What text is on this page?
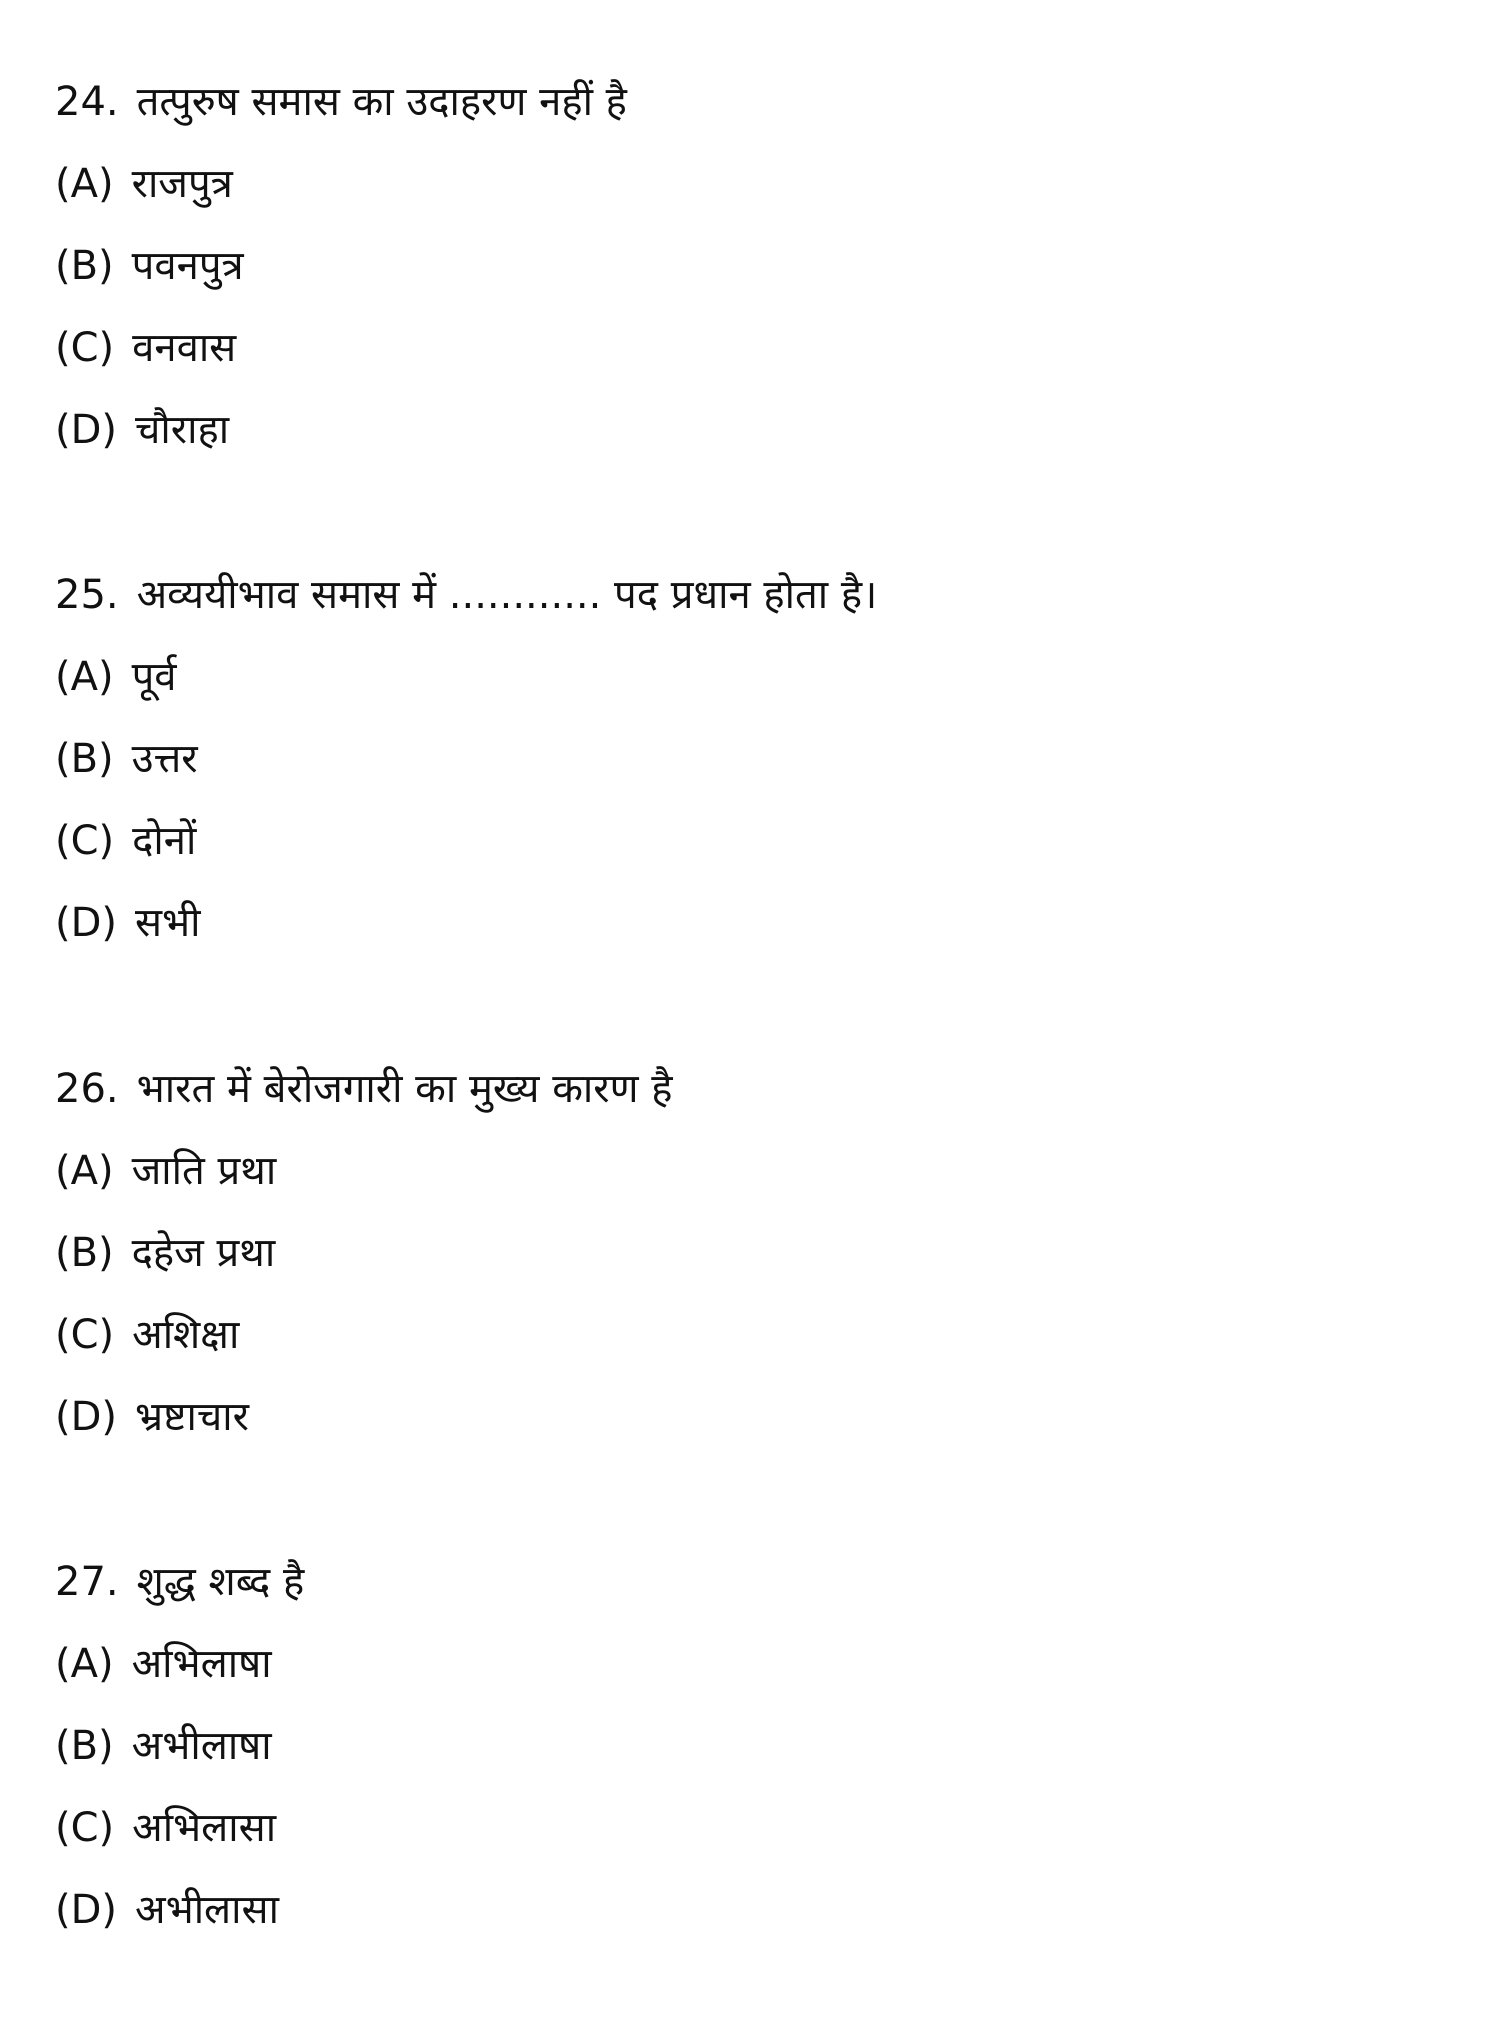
24. तत्पुरुष समास का उदाहरण नहीं है
(A) राजपुत्र
(B) पवनपुत्र
(C) वनवास
(D) चौराहा
25. अव्ययीभाव समास में ............ पद प्रधान होता है।
(A) पूर्व
(B) उत्तर
(C) दोनों
(D) सभी
26. भारत में बेरोजगारी का मुख्य कारण है
(A) जाति प्रथा
(B) दहेज प्रथा
(C) अशिक्षा
(D) भ्रष्टाचार
27. शुद्ध शब्द है
(A) अभिलाषा
(B) अभीलाषा
(C) अभिलासा
(D) अभीलासा
